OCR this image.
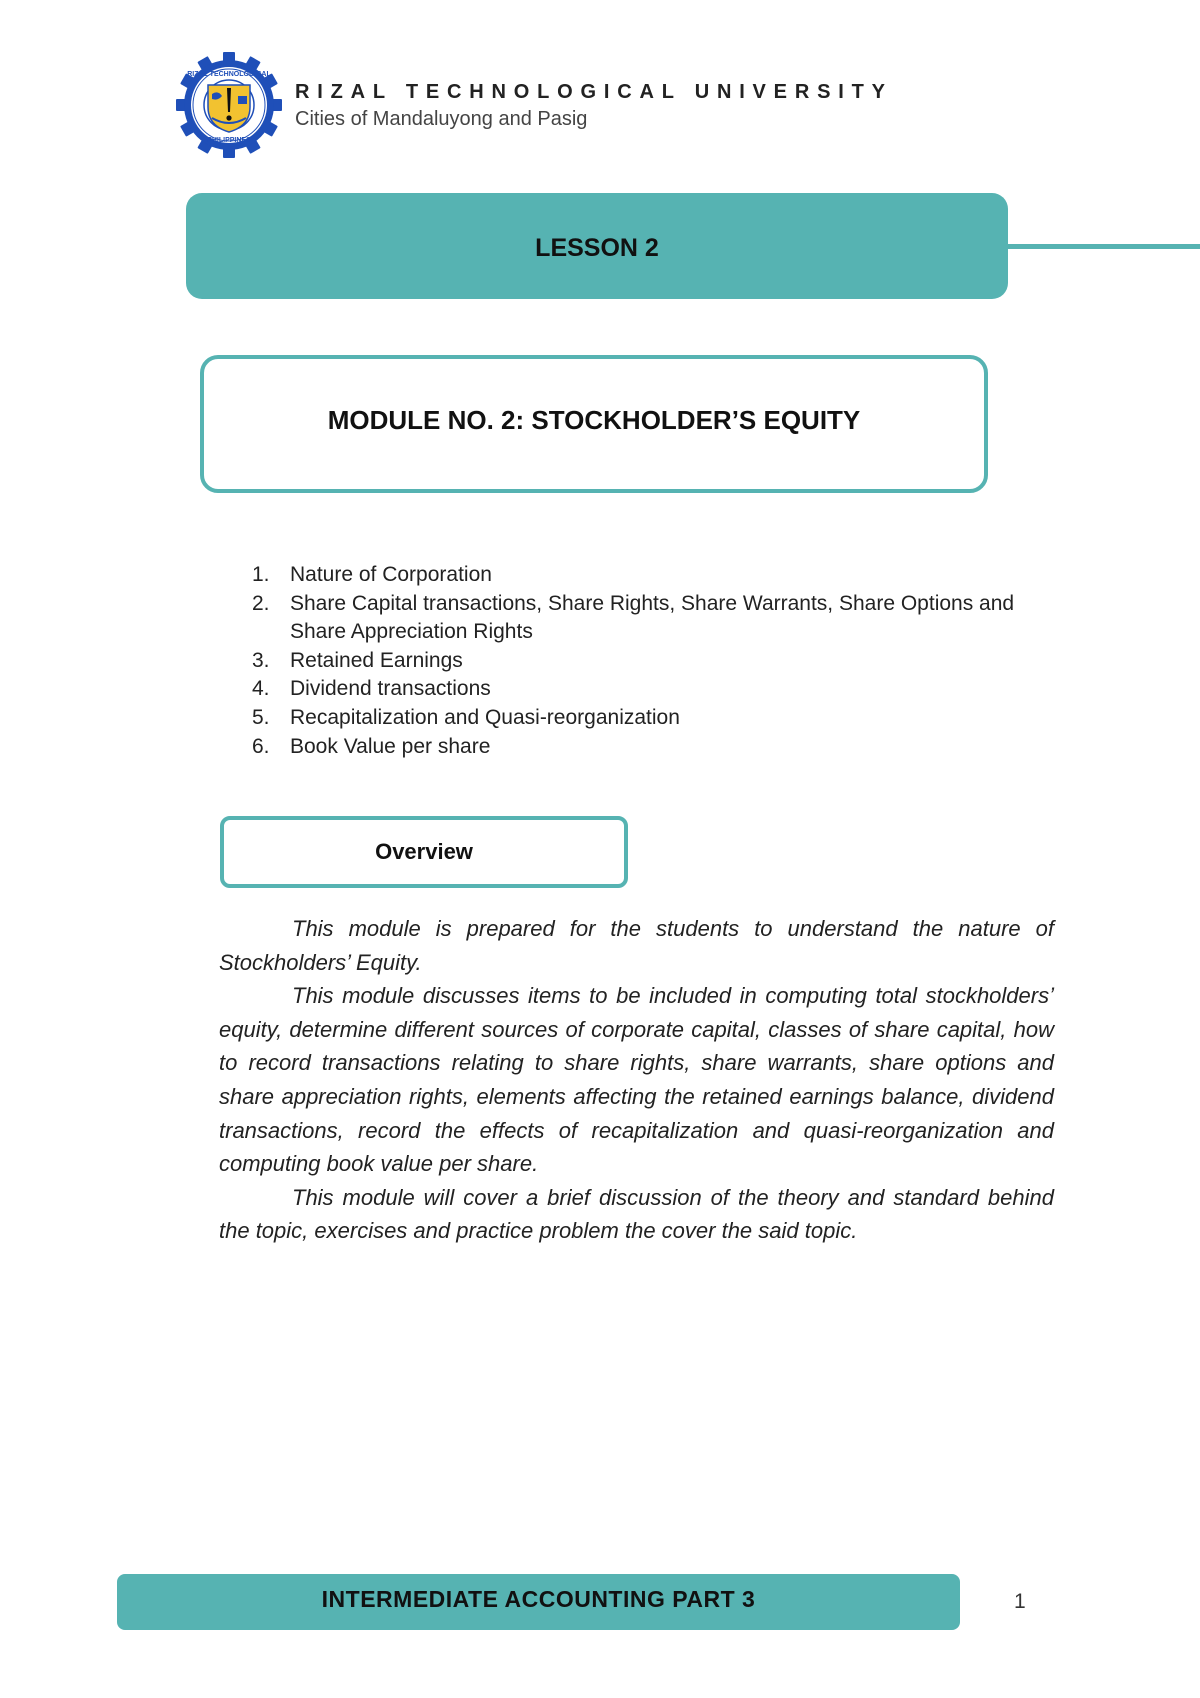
RIZAL TECHNOLOGICAL
PHILIPPINES
RIZAL TECHNOLOGICAL UNIVERSITY
Cities of Mandaluyong and Pasig
LESSON 2
MODULE NO. 2: STOCKHOLDER’S EQUITY
1. Nature of Corporation
2. Share Capital transactions, Share Rights, Share Warrants, Share Options and Share Appreciation Rights
3. Retained Earnings
4. Dividend transactions
5. Recapitalization and Quasi-reorganization
6. Book Value per share
Overview

This module is prepared for the students to understand the nature of Stockholders’ Equity.

This module discusses items to be included in computing total stockholders’ equity, determine different sources of corporate capital, classes of share capital, how to record transactions relating to share rights, share warrants, share options and share appreciation rights, elements affecting the retained earnings balance, dividend transactions, record the effects of recapitalization and quasi-reorganization and computing book value per share.

This module will cover a brief discussion of the theory and standard behind the topic, exercises and practice problem the cover the said topic.

INTERMEDIATE ACCOUNTING PART 3	1
